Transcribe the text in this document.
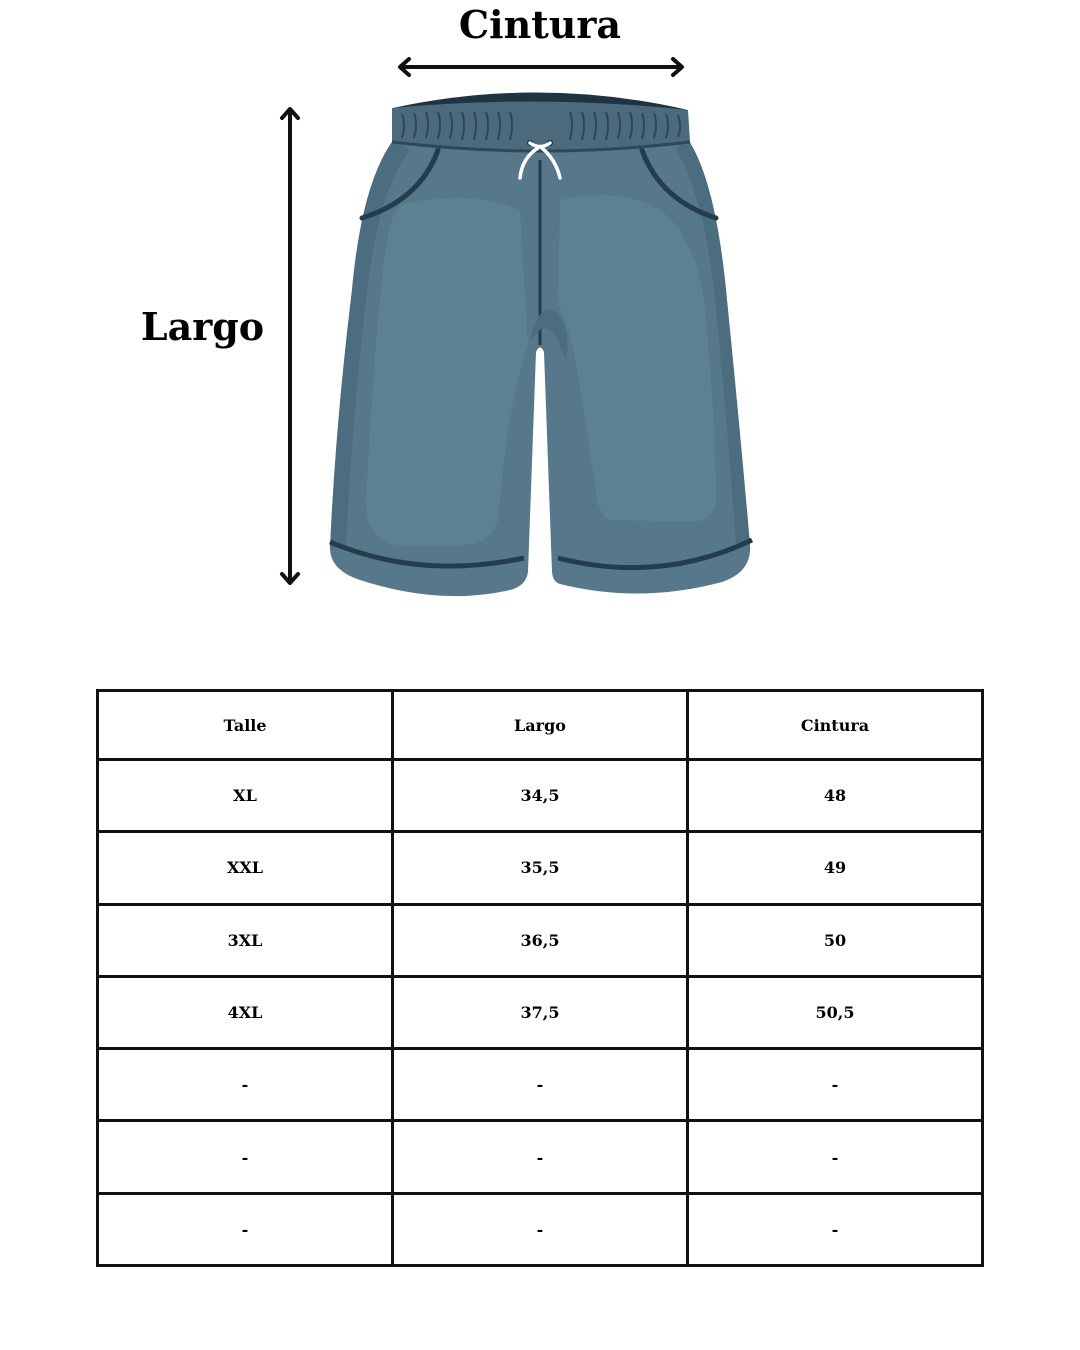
Cintura
Largo
Talle	Largo	Cintura
XL	34,5	48
XXL	35,5	49
3XL	36,5	50
4XL	37,5	50,5
-	-	-
-	-	-
-	-	-
